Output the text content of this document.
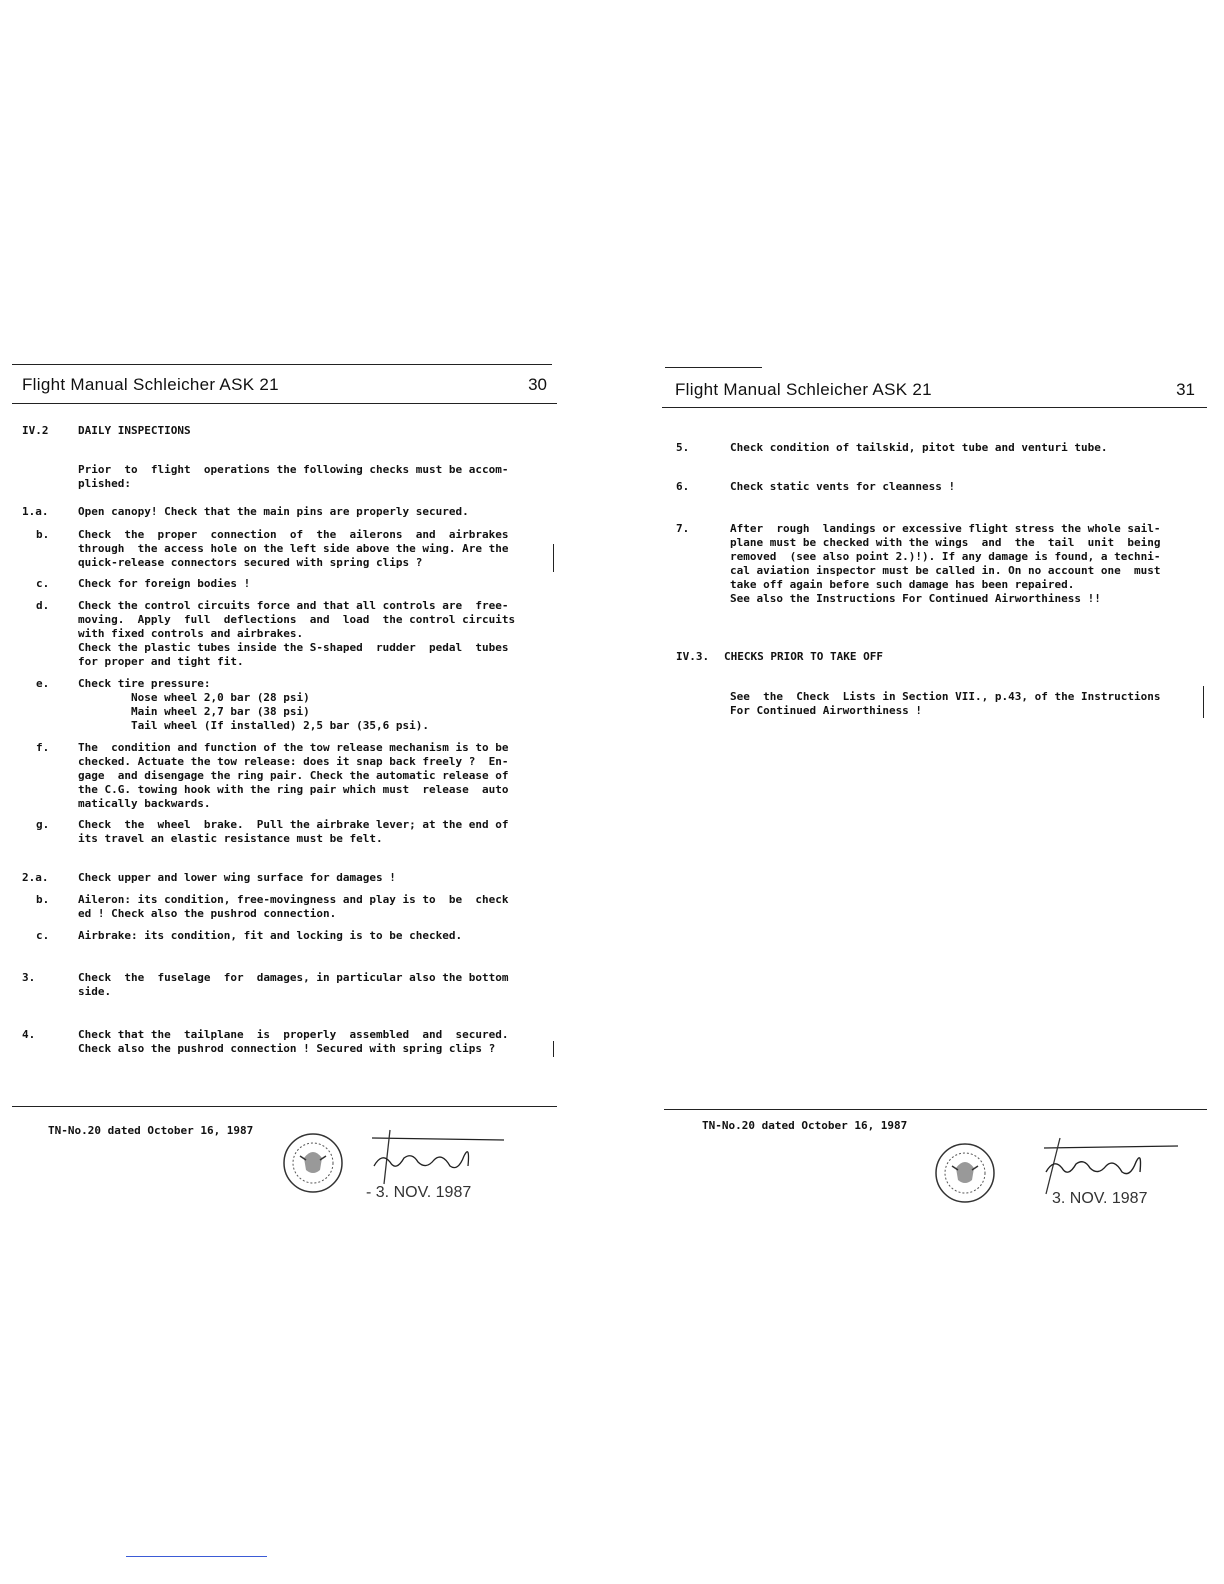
Flight Manual Schleicher ASK 21	30
IV.2	DAILY INSPECTIONS
Prior  to  flight  operations the following checks must be accom-
plished:
1.a.	Open canopy! Check that the main pins are properly secured.
b.	Check  the  proper  connection  of  the  ailerons  and  airbrakes
through  the access hole on the left side above the wing. Are the
quick-release connectors secured with spring clips ?
c.	Check for foreign bodies !
d.	Check the control circuits force and that all controls are  free-
moving.  Apply  full  deflections  and  load  the control circuits
with fixed controls and airbrakes.
Check the plastic tubes inside the S-shaped  rudder  pedal  tubes
for proper and tight fit.
e.	Check tire pressure:
Nose wheel 2,0 bar (28 psi)
Main wheel 2,7 bar (38 psi)
Tail wheel (If installed) 2,5 bar (35,6 psi).
f.	The  condition and function of the tow release mechanism is to be
checked. Actuate the tow release: does it snap back freely ?  En-
gage  and disengage the ring pair. Check the automatic release of
the C.G. towing hook with the ring pair which must  release  auto
matically backwards.
g.	Check  the  wheel  brake.  Pull the airbrake lever; at the end of
its travel an elastic resistance must be felt.
2.a.	Check upper and lower wing surface for damages !
b.	Aileron: its condition, free-movingness and play is to  be  check
ed ! Check also the pushrod connection.
c.	Airbrake: its condition, fit and locking is to be checked.
3.	Check  the  fuselage  for  damages, in particular also the bottom
side.
4.	Check that the  tailplane  is  properly  assembled  and  secured.
Check also the pushrod connection ! Secured with spring clips ?
TN-No.20 dated October 16, 1987
- 3. NOV. 1987
Flight Manual Schleicher ASK 21	31
5.	Check condition of tailskid, pitot tube and venturi tube.
6.	Check static vents for cleanness !
7.	After  rough  landings or excessive flight stress the whole sail-
plane must be checked with the wings  and  the  tail  unit  being
removed  (see also point 2.)!). If any damage is found, a techni-
cal aviation inspector must be called in. On no account one  must
take off again before such damage has been repaired.
See also the Instructions For Continued Airworthiness !!
IV.3.	CHECKS PRIOR TO TAKE OFF
See  the  Check  Lists in Section VII., p.43, of the Instructions
For Continued Airworthiness !
TN-No.20 dated October 16, 1987
3. NOV. 1987
